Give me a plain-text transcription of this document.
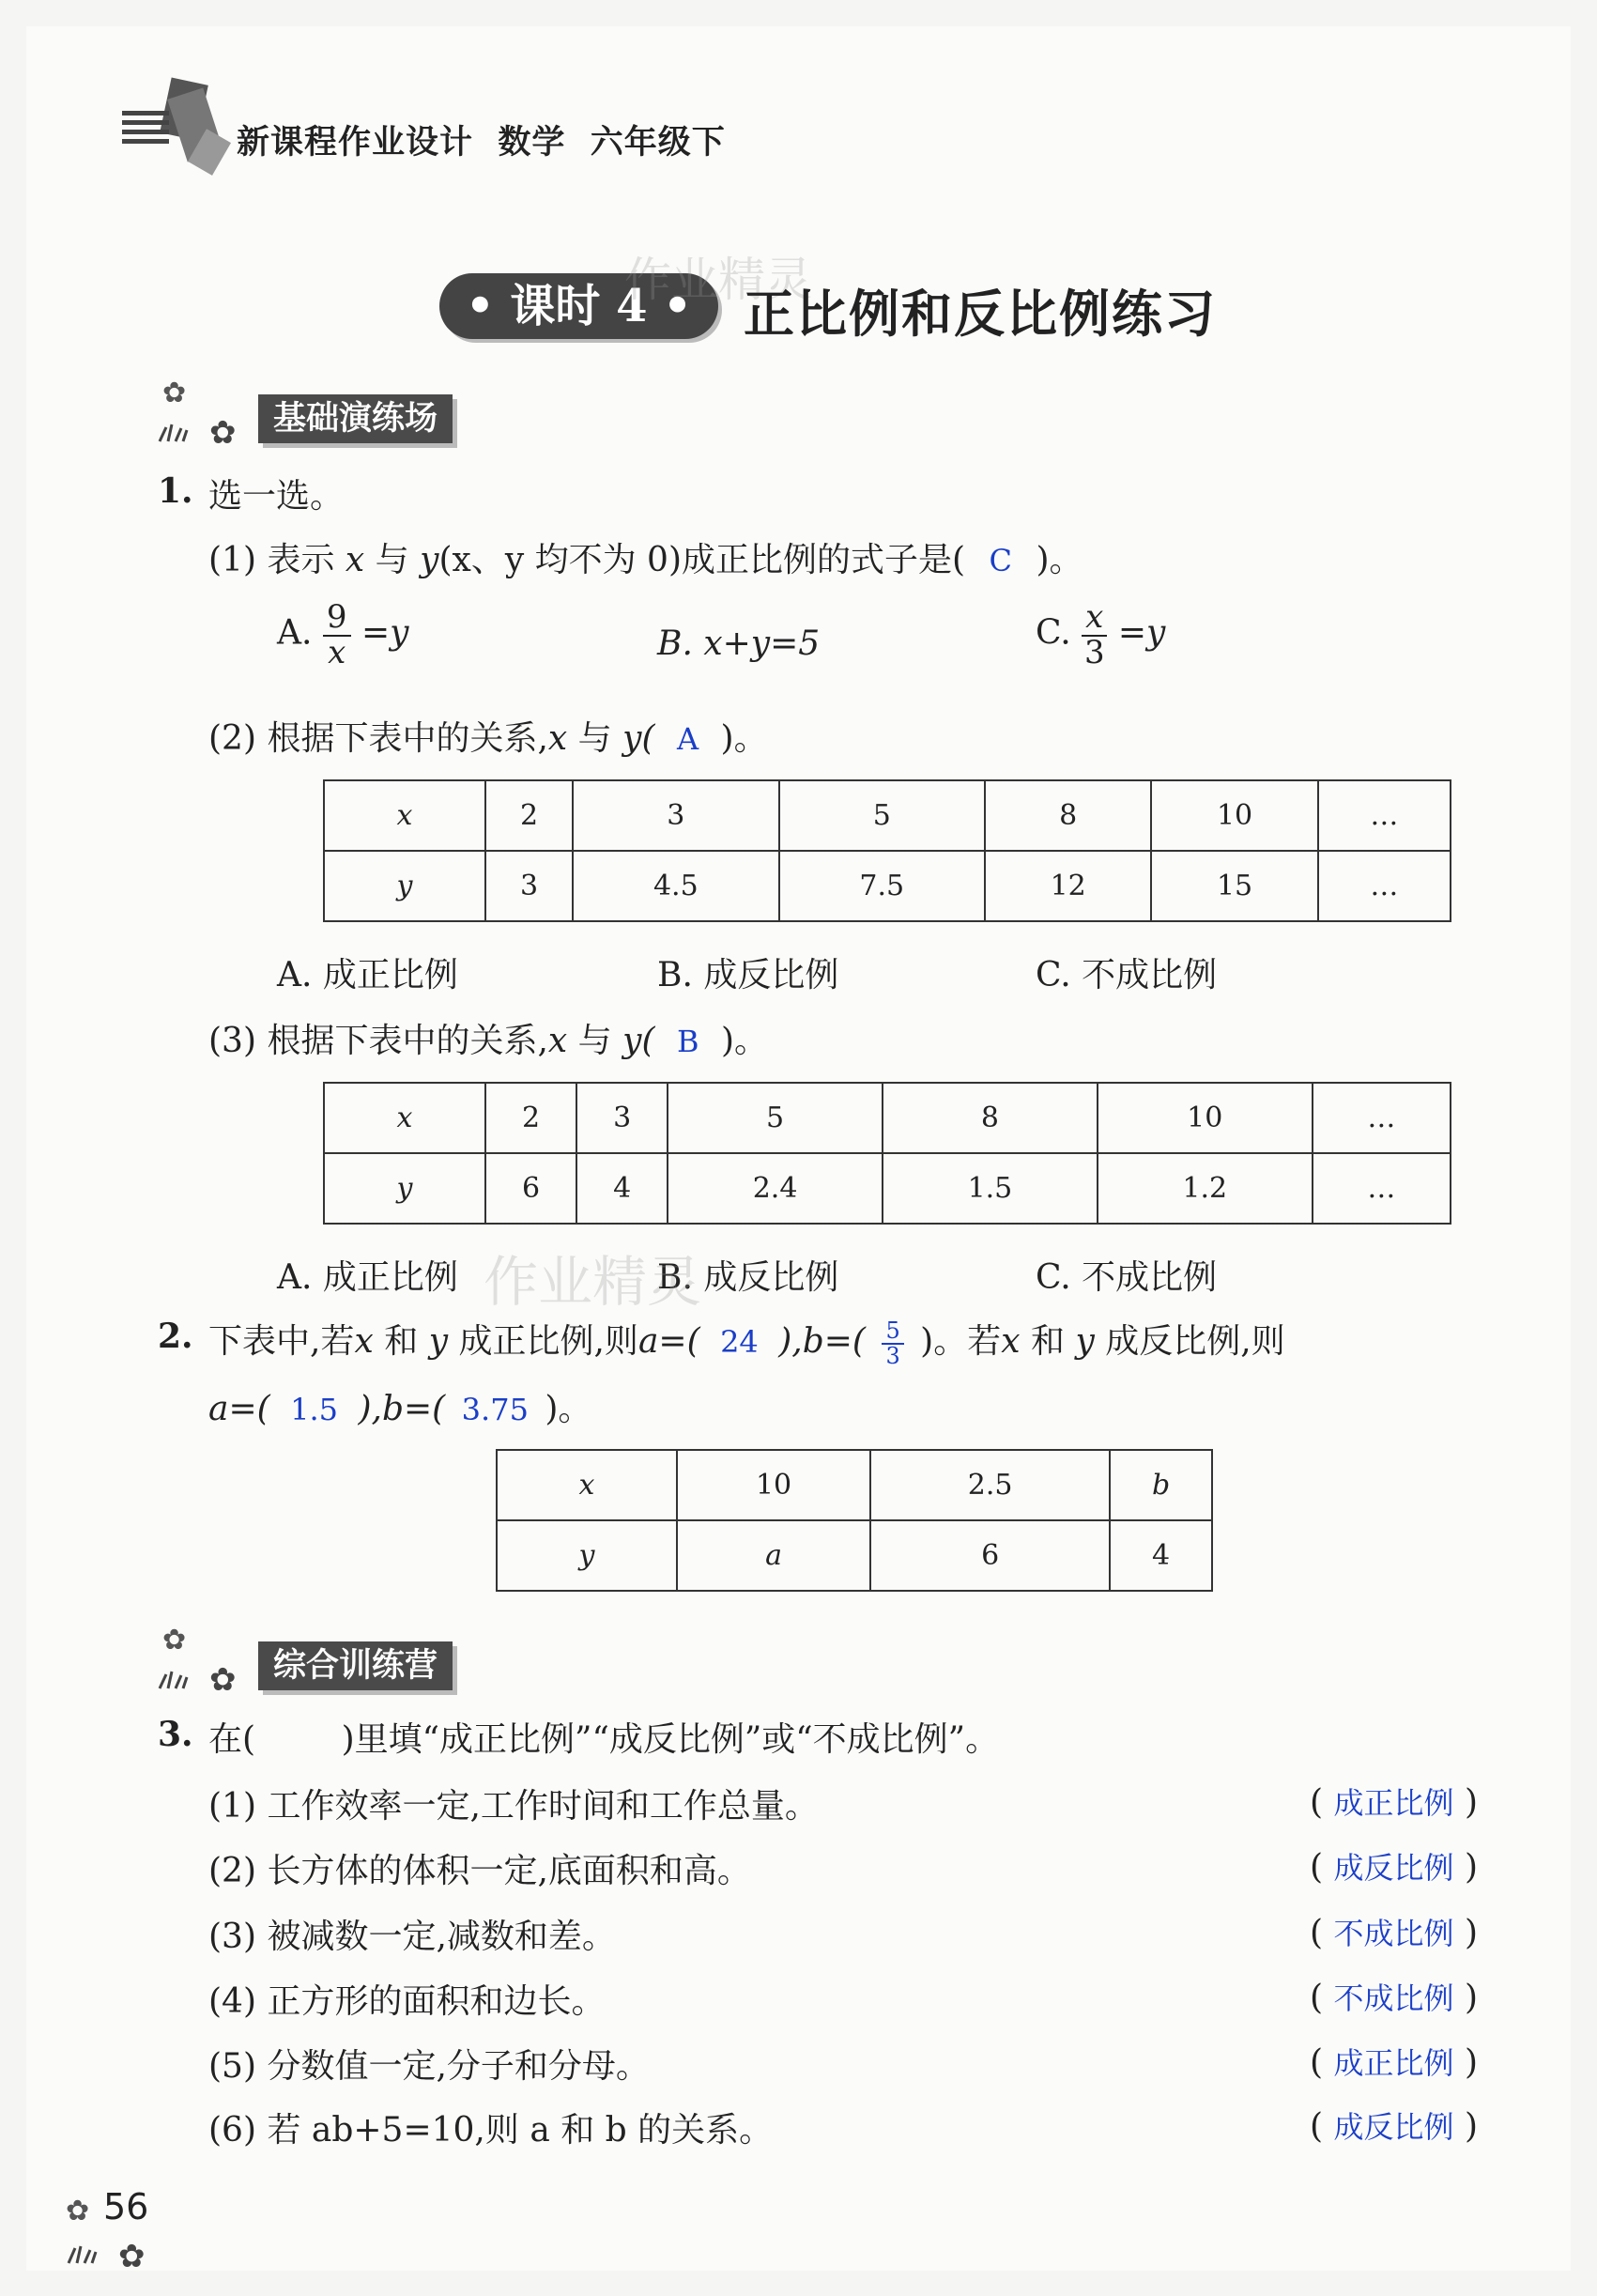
新课程作业设计  数学  六年级下
• 课时 4 •
作业精灵
正比例和反比例练习
✿
✿	基础演练场
1. 选一选。
(1) 表示 x 与 y(x、y 均不为 0)成正比例的式子是( C )。
A. $\frac{9}{x} =y$	B. x+y=5	C. $\frac{x}{3} =y$
(2) 根据下表中的关系,x 与 y( A )。
x	2	3	5	8	10	…
y	3	4.5	7.5	12	15	…
A. 成正比例	B. 成反比例	C. 不成比例
(3) 根据下表中的关系,x 与 y( B )。
x	2	3	5	8	10	…
y	6	4	2.4	1.5	1.2	…
A. 成正比例	B. 成反比例	C. 不成比例
作业精灵
2. 下表中,若x 和 y 成正比例,则a=( 24 )$,b=( \frac{5}{3}$ )。若x 和 y 成反比例,则
a=( 1.5 ),b=( 3.75 )。
x	10	2.5	b
y	a	6	4
✿
✿	综合训练营
3. 在(        )里填“成正比例”“成反比例”或“不成比例”。
(1) 工作效率一定,工作时间和工作总量。	( 成正比例 )
(2) 长方体的体积一定,底面积和高。	( 成反比例 )
(3) 被减数一定,减数和差。	( 不成比例 )
(4) 正方形的面积和边长。	( 不成比例 )
(5) 分数值一定,分子和分母。	( 成正比例 )
(6) 若 ab+5=10,则 a 和 b 的关系。	( 成反比例 )
✿
✿
56
